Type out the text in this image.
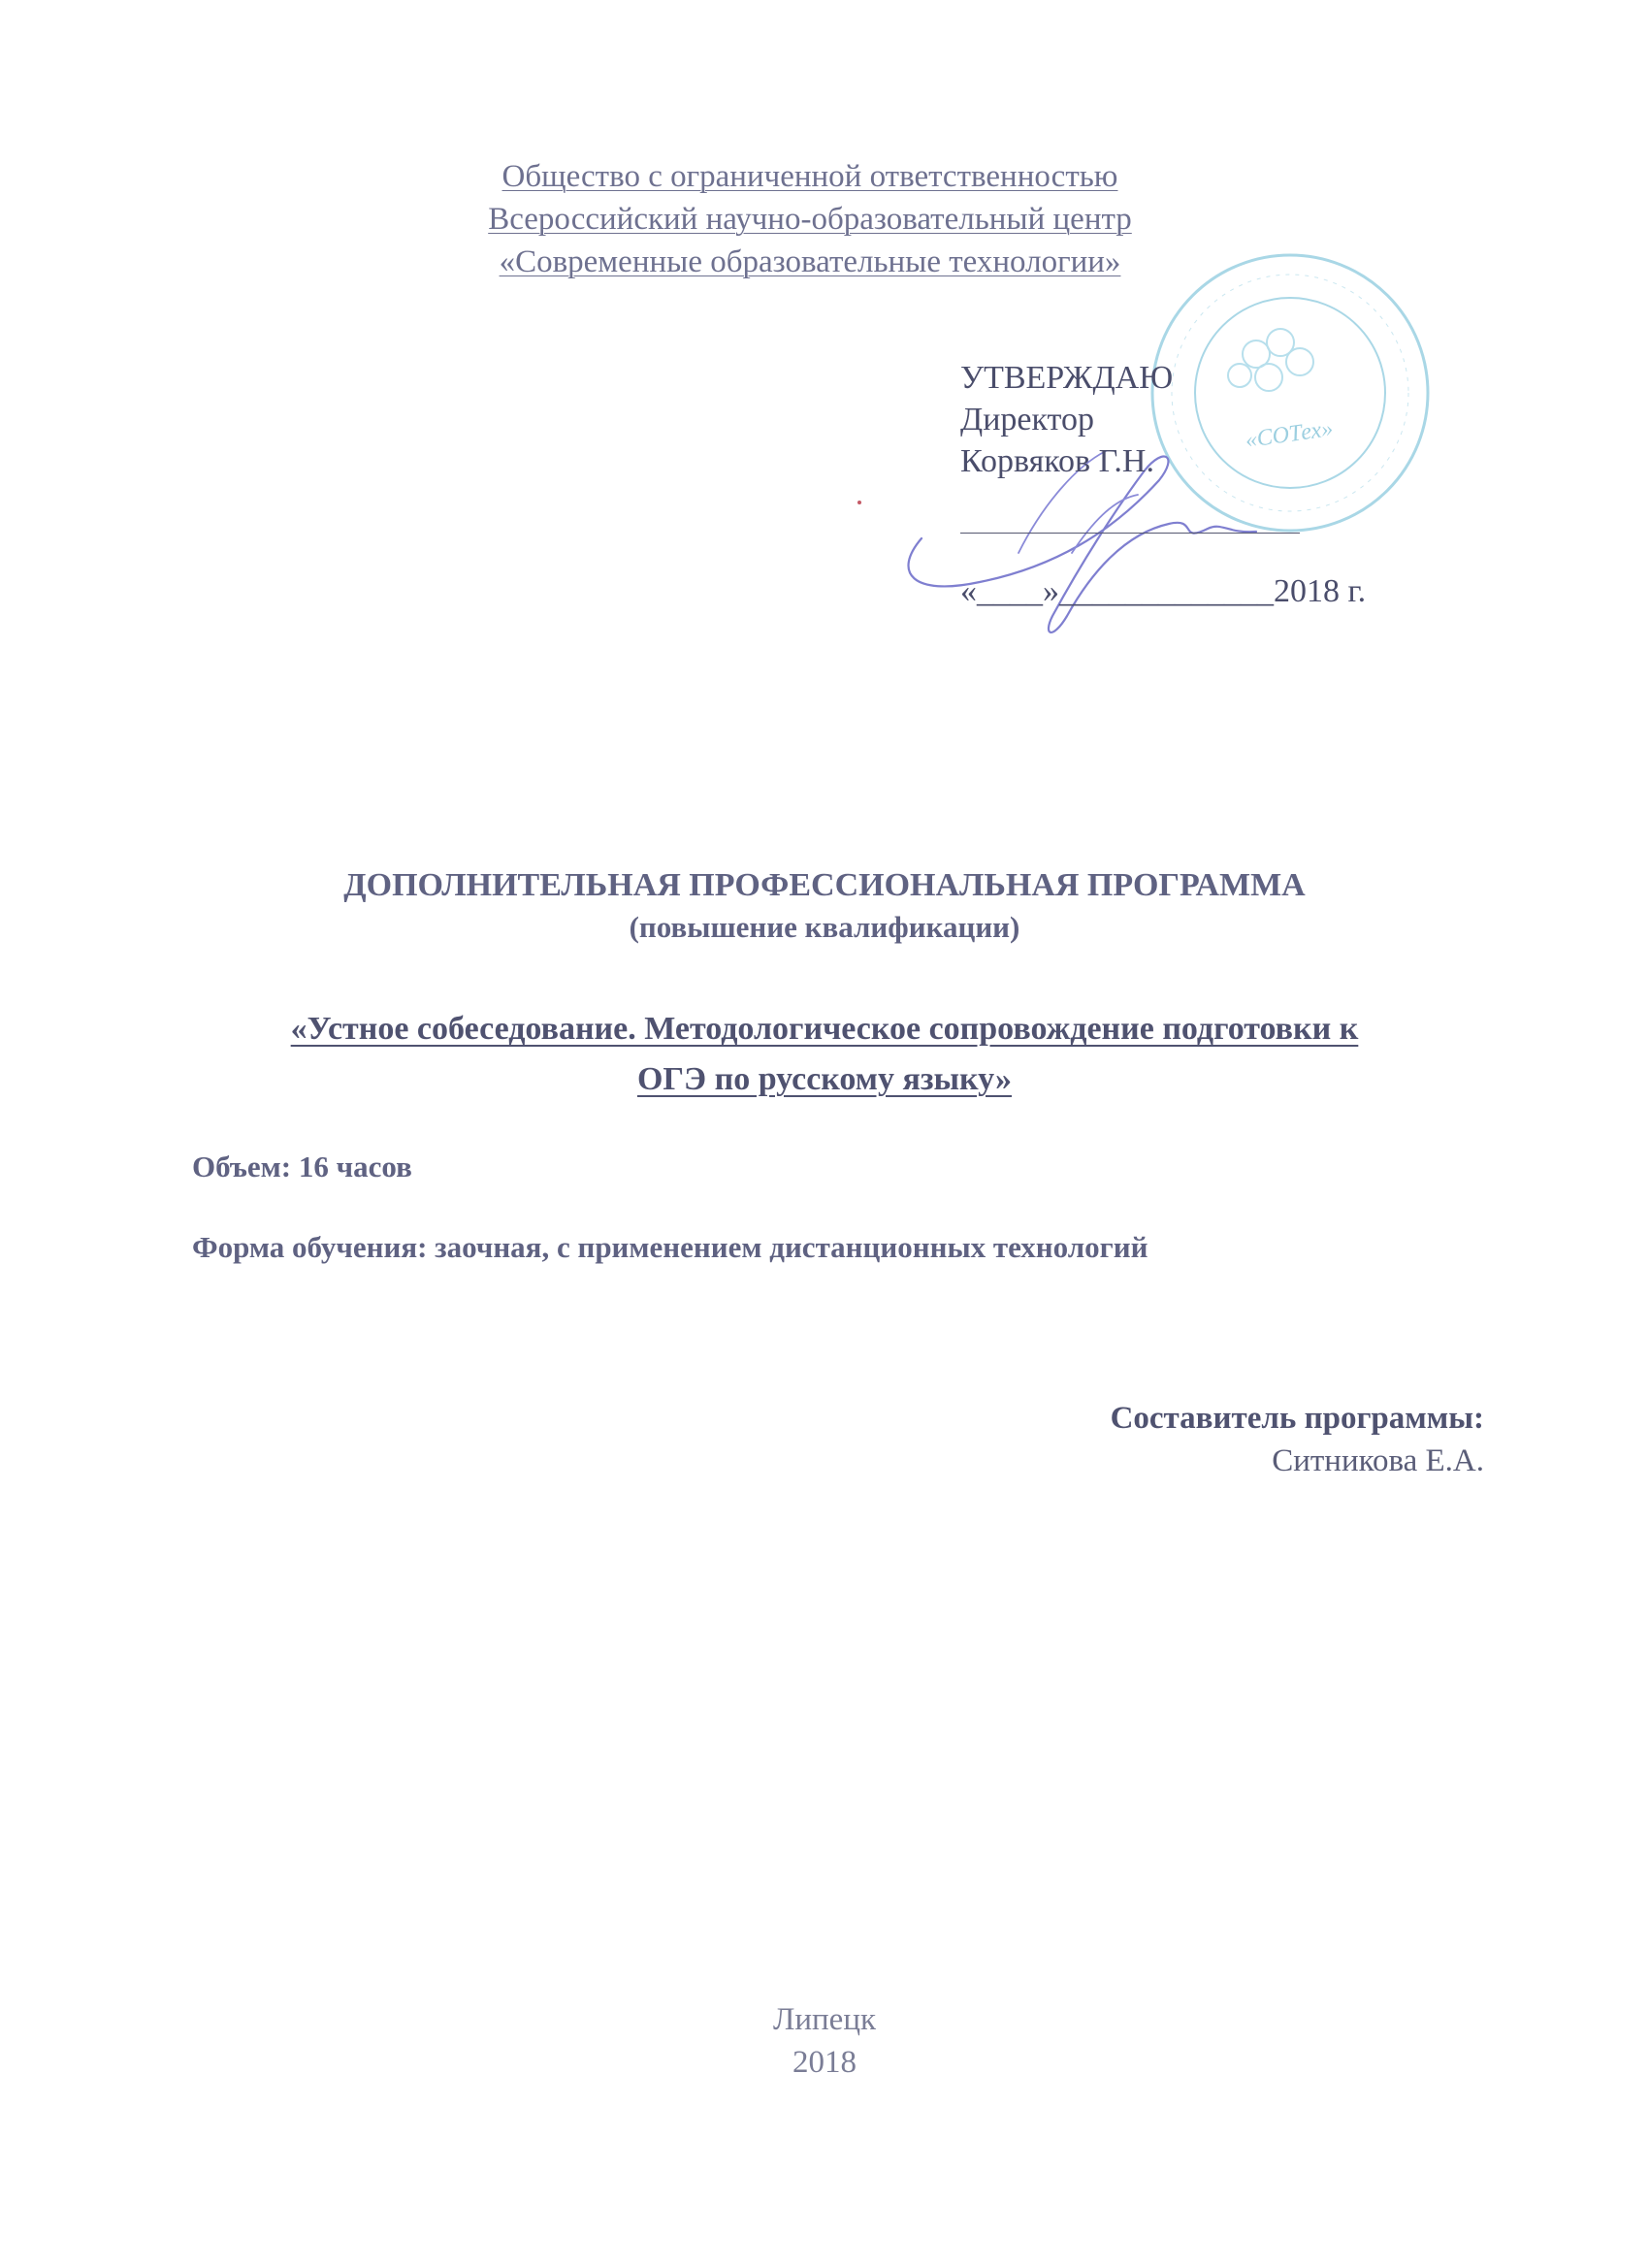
Общество с ограниченной ответственностью
Всероссийский научно-образовательный центр
«Современные образовательные технологии»
«СОТех»
УТВЕРЖДАЮ
Директор
Корвяков Г.Н.
«____»_____________2018 г.
ДОПОЛНИТЕЛЬНАЯ ПРОФЕССИОНАЛЬНАЯ ПРОГРАММА
(повышение квалификации)
«Устное собеседование. Методологическое сопровождение подготовки к
ОГЭ по русскому языку»
Объем: 16 часов
Форма обучения: заочная, с применением дистанционных технологий
Составитель программы:
Ситникова Е.А.
Липецк
2018
